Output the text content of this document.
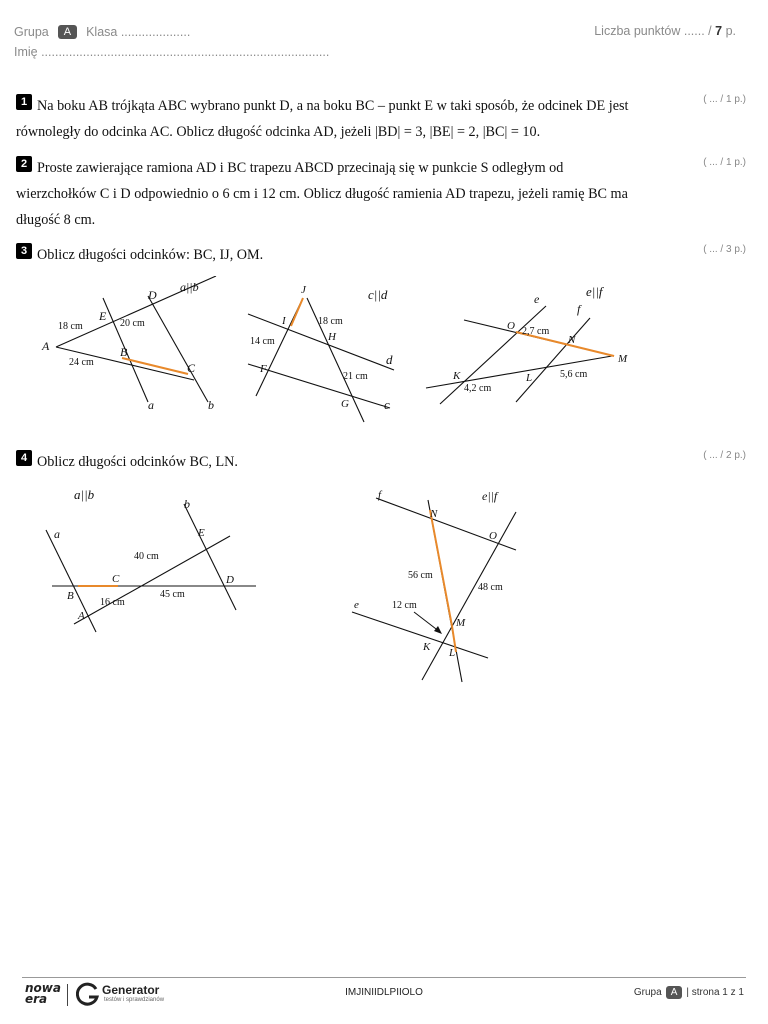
Grupa	A	Klasa ....................
Imię ...................................................................................
Liczba punktów ...... / 7 p.
1 Na boku AB trójkąta ABC wybrano punkt D, a na boku BC – punkt E w taki sposób, że odcinek DE jest
równoległy do odcinka AC. Oblicz długość odcinka AD, jeżeli |BD| = 3, |BE| = 2, |BC| = 10.
( ... / 1 p.)
2 Proste zawierające ramiona AD i BC trapezu ABCD przecinają się w punkcie S odległym od
wierzchołków C i D odpowiednio o 6 cm i 12 cm. Oblicz długość ramienia AD trapezu, jeżeli ramię BC ma
długość 8 cm.
( ... / 1 p.)
3 Oblicz długości odcinków: BC, IJ, OM.	( ... / 3 p.)
a||b
D
E
A	B
C
a	b
18 cm	20 cm
24 cm
J
I
H
F
G
c||d
d
c
18 cm
14 cm
21 cm
e
f
e||f
O
N
M
K	L
2,7 cm
5,6 cm
4,2 cm
4 Oblicz długości odcinków BC, LN.	( ... / 2 p.)
a||b
a
b
E
C	D
B
A
40 cm
45 cm
16 cm
e||f
f
N
O
e
M
K L
56 cm
48 cm
12 cm
nowa
era
Generator
testów i sprawdzianów
IMJINIIDLPIIOLO	Grupa A | strona 1 z 1
